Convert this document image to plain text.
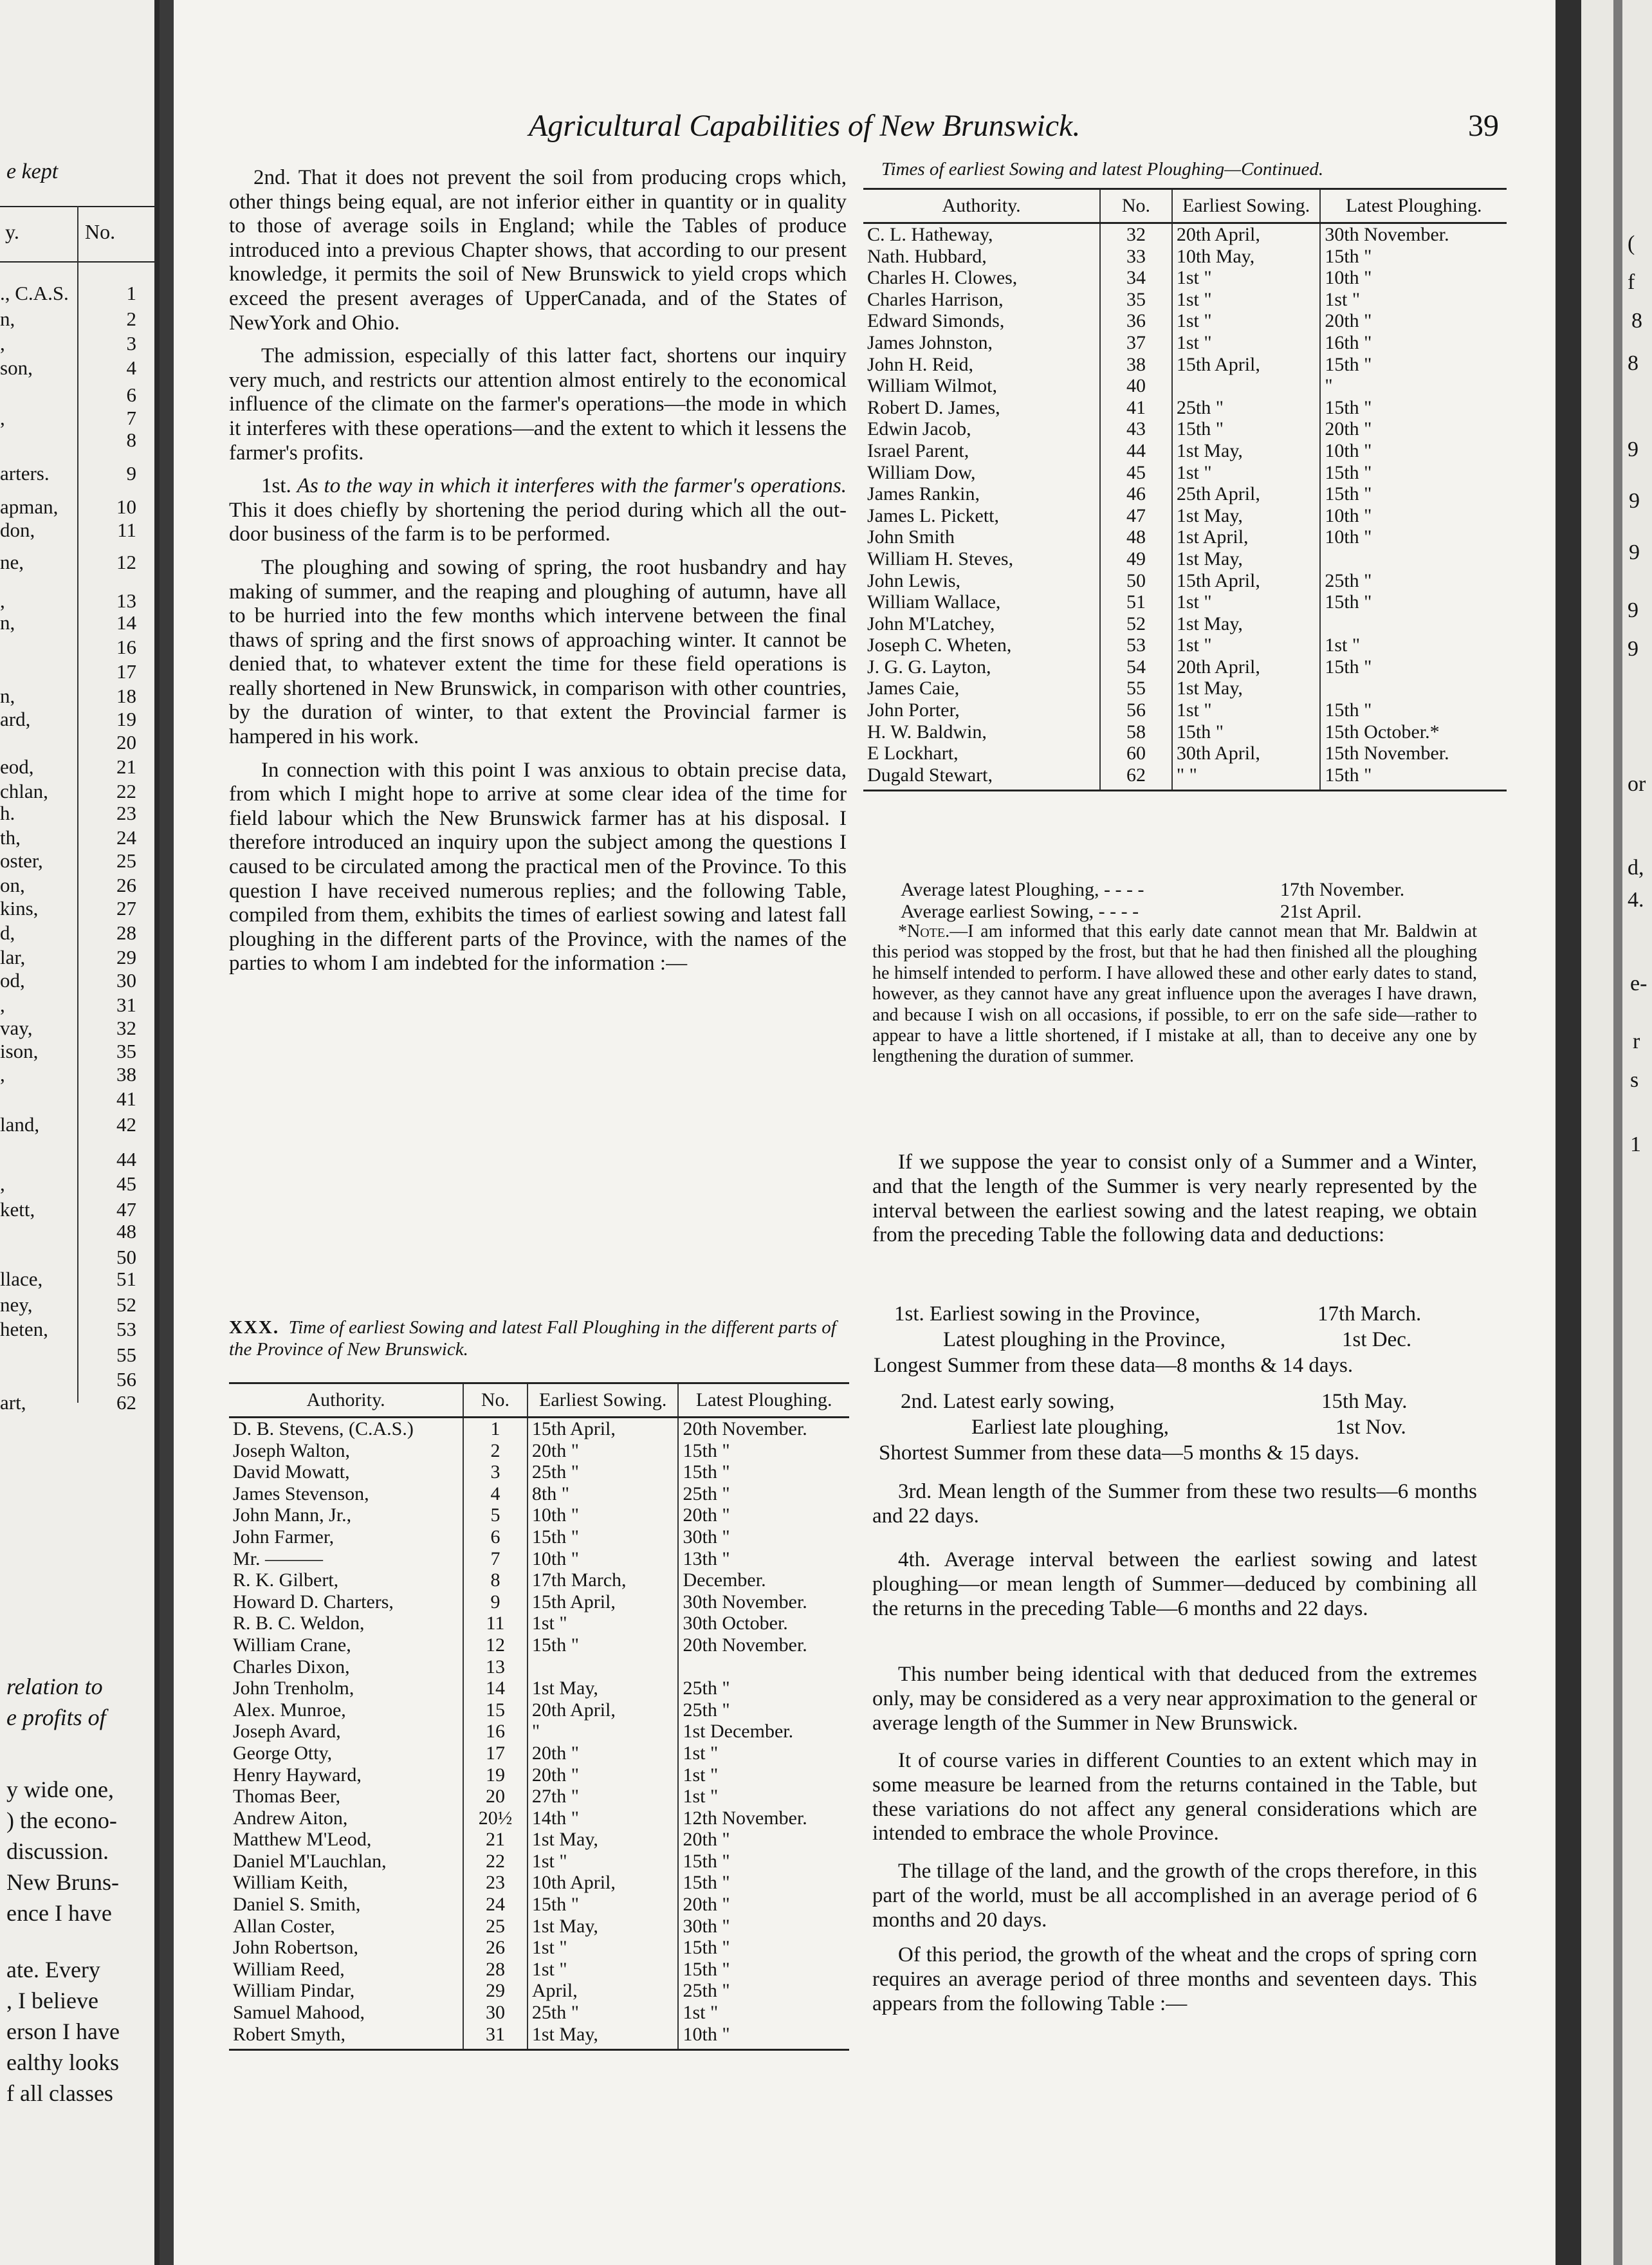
e kept
y.	No.
., C.A.S.	1
n,	2
,	3
son,	4
6
,	7
8
arters.	9
apman,	10
don,	11
ne,	12
,	13
n,	14
16
17
n,	18
ard,	19
20
eod,	21
chlan,	22
h.	23
th,	24
oster,	25
on,	26
kins,	27
d,	28
lar,	29
od,	30
,	31
vay,	32
ison,	35
,	38
41
land,	42
44
,	45
kett,	47
48
50
llace,	51
ney,	52
heten,	53
55
56
art,	62
relation to
e profits of
y wide one,
) the econo-
discussion.
New Bruns-
ence I have
ate. Every
, I believe
erson I have
ealthy looks
f all classes
Agricultural Capabilities of New Brunswick.	39

2nd. That it does not prevent the soil from producing crops which, other things being equal, are not inferior either in quantity or in quality to those of average soils in England; while the Tables of produce introduced into a previous Chapter shows, that according to our present knowledge, it permits the soil of New Brunswick to yield crops which exceed the present averages of UpperCanada, and of the States of NewYork and Ohio.

The admission, especially of this latter fact, shortens our inquiry very much, and restricts our attention almost entirely to the economical influence of the climate on the farmer's operations—the mode in which it interferes with these operations—and the extent to which it lessens the farmer's profits.

1st. As to the way in which it interferes with the farmer's operations. This it does chiefly by shortening the period during which all the out-door business of the farm is to be performed.

The ploughing and sowing of spring, the root husbandry and hay making of summer, and the reaping and ploughing of autumn, have all to be hurried into the few months which intervene between the final thaws of spring and the first snows of approaching winter. It cannot be denied that, to whatever extent the time for these field operations is really shortened in New Brunswick, in comparison with other countries, by the duration of winter, to that extent the Provincial farmer is hampered in his work.

In connection with this point I was anxious to obtain precise data, from which I might hope to arrive at some clear idea of the time for field labour which the New Brunswick farmer has at his disposal. I therefore introduced an inquiry upon the subject among the questions I caused to be circulated among the practical men of the Province. To this question I have received numerous replies; and the following Table, compiled from them, exhibits the times of earliest sowing and latest fall ploughing in the different parts of the Province, with the names of the parties to whom I am indebted for the information :—

XXX. Time of earliest Sowing and latest Fall Ploughing in the different parts of the Province of New Brunswick.
Authority.	No.	Earliest Sowing.	Latest Ploughing.
D. B. Stevens, (C.A.S.)	1	15th April,	20th November.
Joseph Walton,	2	20th "	15th "
David Mowatt,	3	25th "	15th "
James Stevenson,	4	8th "	25th "
John Mann, Jr.,	5	10th "	20th "
John Farmer,	6	15th "	30th "
Mr. ———	7	10th "	13th "
R. K. Gilbert,	8	17th March,	December.
Howard D. Charters,	9	15th April,	30th November.
R. B. C. Weldon,	11	1st "	30th October.
William Crane,	12	15th "	20th November.
Charles Dixon,	13		
John Trenholm,	14	1st May,	25th "
Alex. Munroe,	15	20th April,	25th "
Joseph Avard,	16	"	1st December.
George Otty,	17	20th "	1st "
Henry Hayward,	19	20th "	1st "
Thomas Beer,	20	27th "	1st "
Andrew Aiton,	20½	14th "	12th November.
Matthew M'Leod,	21	1st May,	20th "
Daniel M'Lauchlan,	22	1st "	15th "
William Keith,	23	10th April,	15th "
Daniel S. Smith,	24	15th "	20th "
Allan Coster,	25	1st May,	30th "
John Robertson,	26	1st "	15th "
William Reed,	28	1st "	15th "
William Pindar,	29	April,	25th "
Samuel Mahood,	30	25th "	1st "
Robert Smyth,	31	1st May,	10th "

Times of earliest Sowing and latest Ploughing—Continued.
Authority.	No.	Earliest Sowing.	Latest Ploughing.
C. L. Hatheway,	32	20th April,	30th November.
Nath. Hubbard,	33	10th May,	15th "
Charles H. Clowes,	34	1st "	10th "
Charles Harrison,	35	1st "	1st "
Edward Simonds,	36	1st "	20th "
James Johnston,	37	1st "	16th "
John H. Reid,	38	15th April,	15th "
William Wilmot,	40		"
Robert D. James,	41	25th "	15th "
Edwin Jacob,	43	15th "	20th "
Israel Parent,	44	1st May,	10th "
William Dow,	45	1st "	15th "
James Rankin,	46	25th April,	15th "
James L. Pickett,	47	1st May,	10th "
John Smith	48	1st April,	10th "
William H. Steves,	49	1st May,	
John Lewis,	50	15th April,	25th "
William Wallace,	51	1st "	15th "
John M'Latchey,	52	1st May,	
Joseph C. Wheten,	53	1st "	1st "
J. G. G. Layton,	54	20th April,	15th "
James Caie,	55	1st May,	
John Porter,	56	1st "	15th "
H. W. Baldwin,	58	15th "	15th October.*
E Lockhart,	60	30th April,	15th November.
Dugald Stewart,	62	" "	15th "

Average latest Ploughing, - - - -	17th November.
Average earliest Sowing, - - - -	21st April.
*Note.—I am informed that this early date cannot mean that Mr. Baldwin at this period was stopped by the frost, but that he had then finished all the ploughing he himself intended to perform. I have allowed these and other early dates to stand, however, as they cannot have any great influence upon the averages I have drawn, and because I wish on all occasions, if possible, to err on the safe side—rather to appear to have a little shortened, if I mistake at all, than to deceive any one by lengthening the duration of summer.
If we suppose the year to consist only of a Summer and a Winter, and that the length of the Summer is very nearly represented by the interval between the earliest sowing and the latest reaping, we obtain from the preceding Table the following data and deductions:
1st. Earliest sowing in the Province,	17th March.
Latest ploughing in the Province,	1st Dec.
Longest Summer from these data—8 months & 14 days.
2nd. Latest early sowing,	15th May.
Earliest late ploughing,	1st Nov.
Shortest Summer from these data—5 months & 15 days.
3rd. Mean length of the Summer from these two results—6 months and 22 days.
4th. Average interval between the earliest sowing and latest ploughing—or mean length of Summer—deduced by combining all the returns in the preceding Table—6 months and 22 days.
This number being identical with that deduced from the extremes only, may be considered as a very near approximation to the general or average length of the Summer in New Brunswick.
It of course varies in different Counties to an extent which may in some measure be learned from the returns contained in the Table, but these variations do not affect any general considerations which are intended to embrace the whole Province.
The tillage of the land, and the growth of the crops therefore, in this part of the world, must be all accomplished in an average period of 6 months and 20 days.
Of this period, the growth of the wheat and the crops of spring corn requires an average period of three months and seventeen days. This appears from the following Table :—
(
f
8
8
9
9
9
9
9
or
d,
4.
e-
r
s
1
